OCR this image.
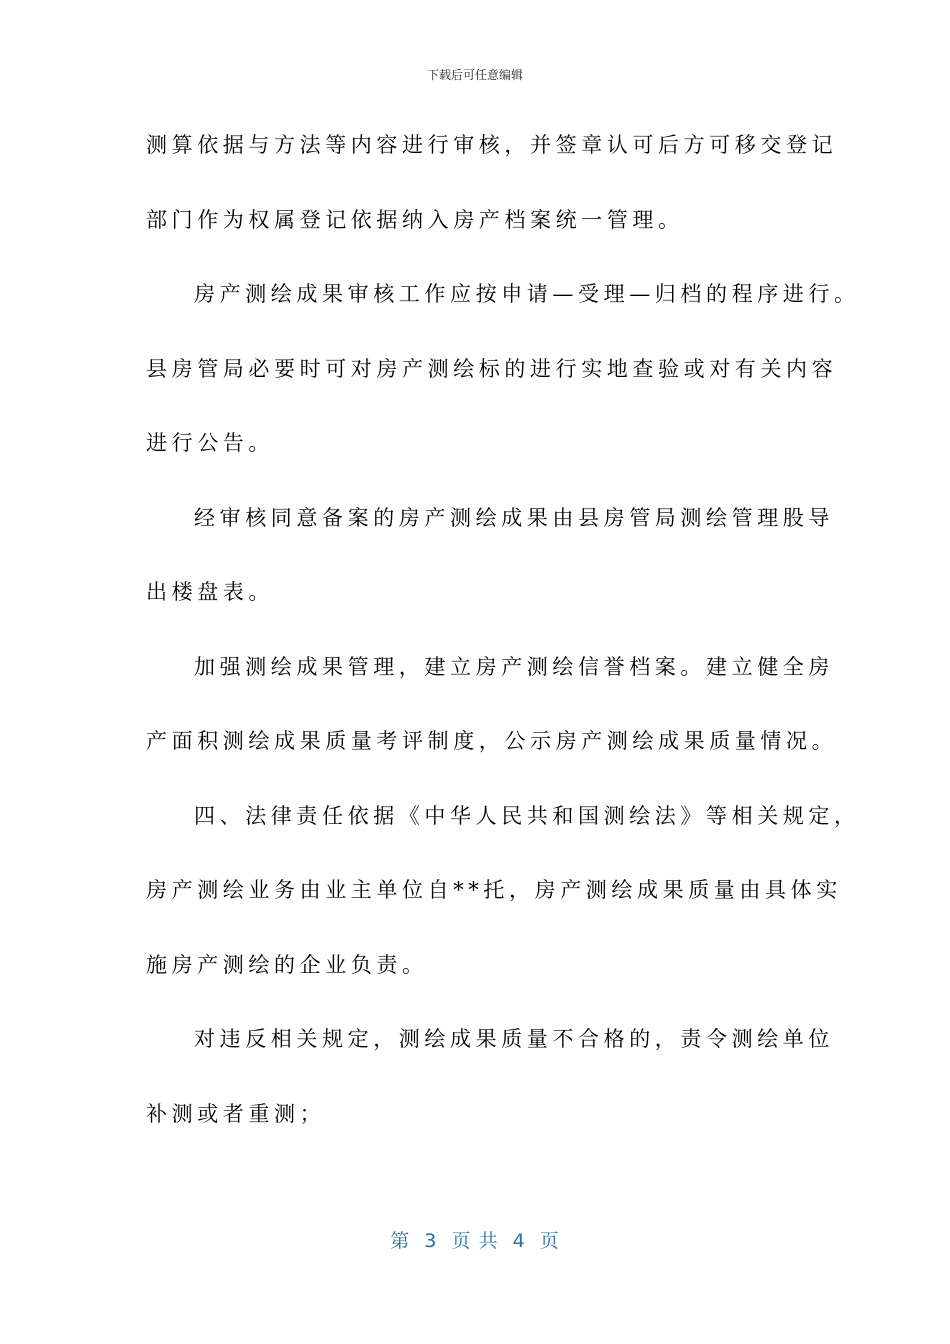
下载后可任意编辑
测算依据与方法等内容进行审核，并签章认可后方可移交登记
部门作为权属登记依据纳入房产档案统一管理。
房产测绘成果审核工作应按申请—受理—归档的程序进行。
县房管局必要时可对房产测绘标的进行实地查验或对有关内容
进行公告。
经审核同意备案的房产测绘成果由县房管局测绘管理股导
出楼盘表。
加强测绘成果管理，建立房产测绘信誉档案。建立健全房
产面积测绘成果质量考评制度，公示房产测绘成果质量情况。
四、法律责任依据《中华人民共和国测绘法》等相关规定，
房产测绘业务由业主单位自**托，房产测绘成果质量由具体实
施房产测绘的企业负责。
对违反相关规定，测绘成果质量不合格的，责令测绘单位
补测或者重测；
第  3  页 共  4  页
